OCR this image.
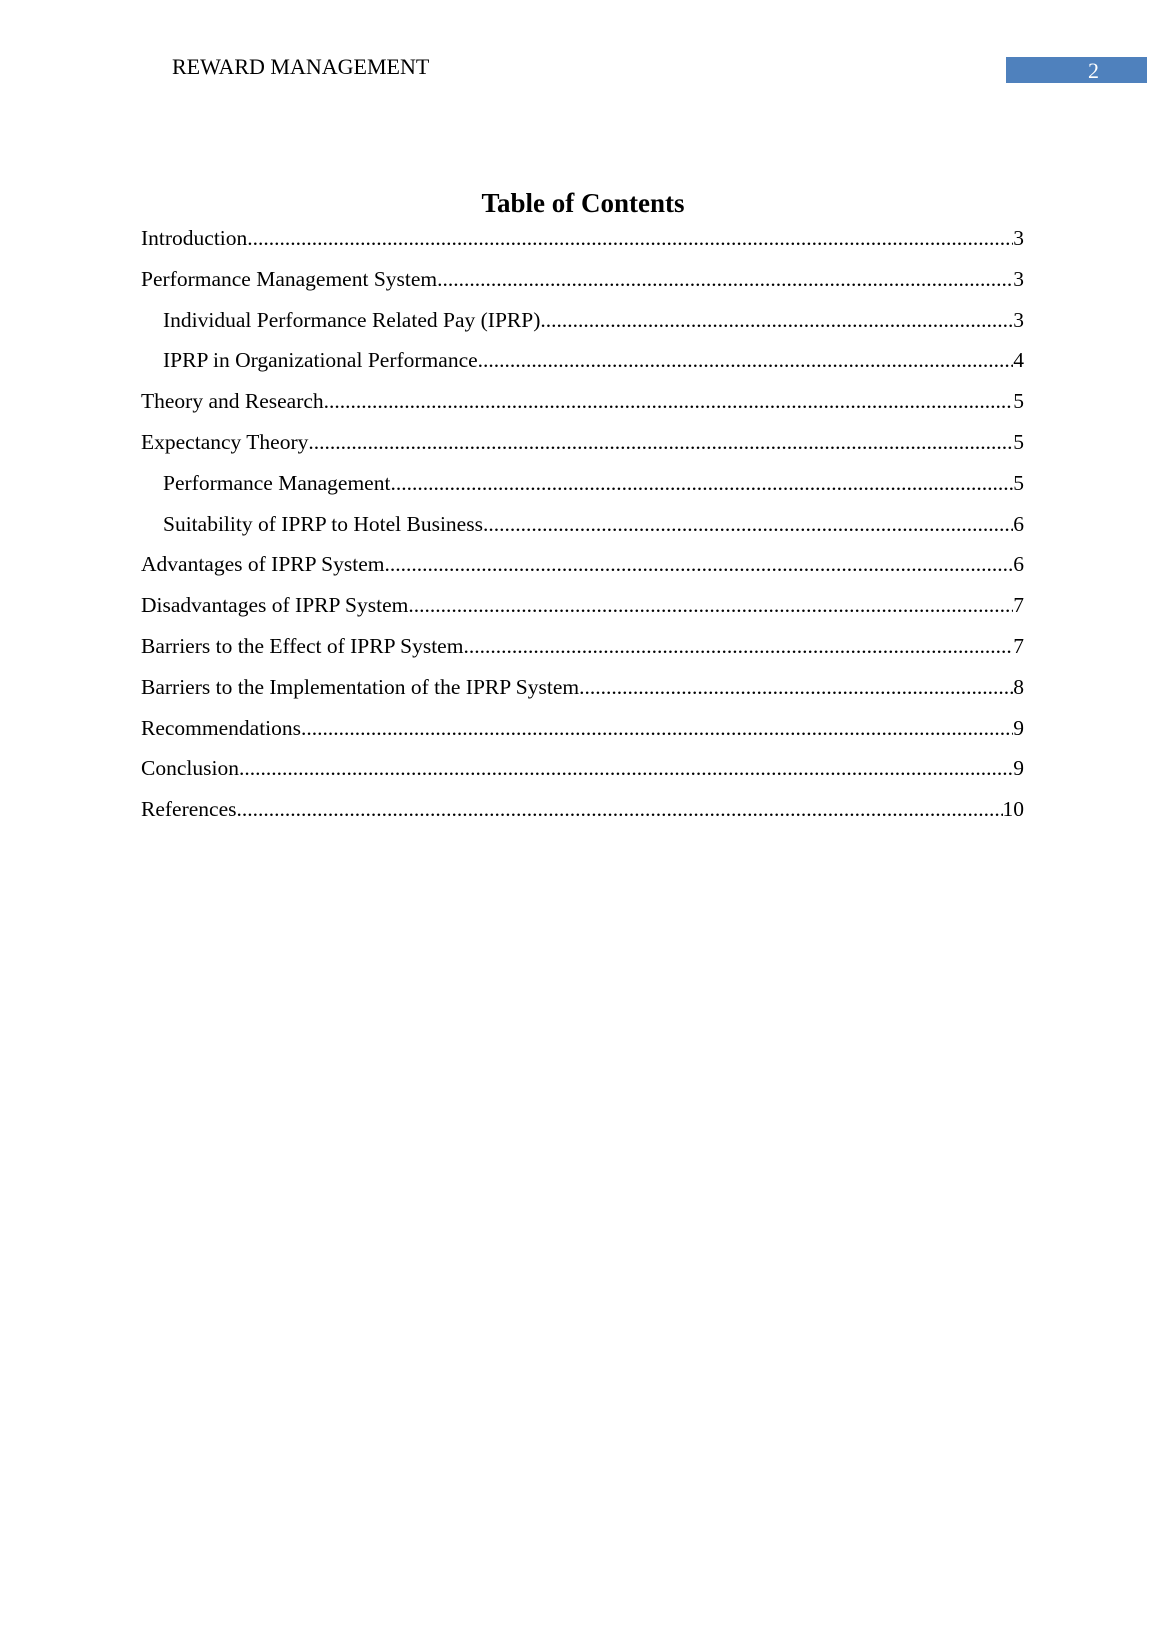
REWARD MANAGEMENT	2
Table of Contents
Introduction .....	3
Performance Management System .....	3
Individual Performance Related Pay (IPRP) .....	3
IPRP in Organizational Performance .....	4
Theory and Research .....	5
Expectancy Theory .....	5
Performance Management .....	5
Suitability of IPRP to Hotel Business .....	6
Advantages of IPRP System .....	6
Disadvantages of IPRP System .....	7
Barriers to the Effect of IPRP System .....	7
Barriers to the Implementation of the IPRP System .....	8
Recommendations .....	9
Conclusion .....	9
References .....	10
